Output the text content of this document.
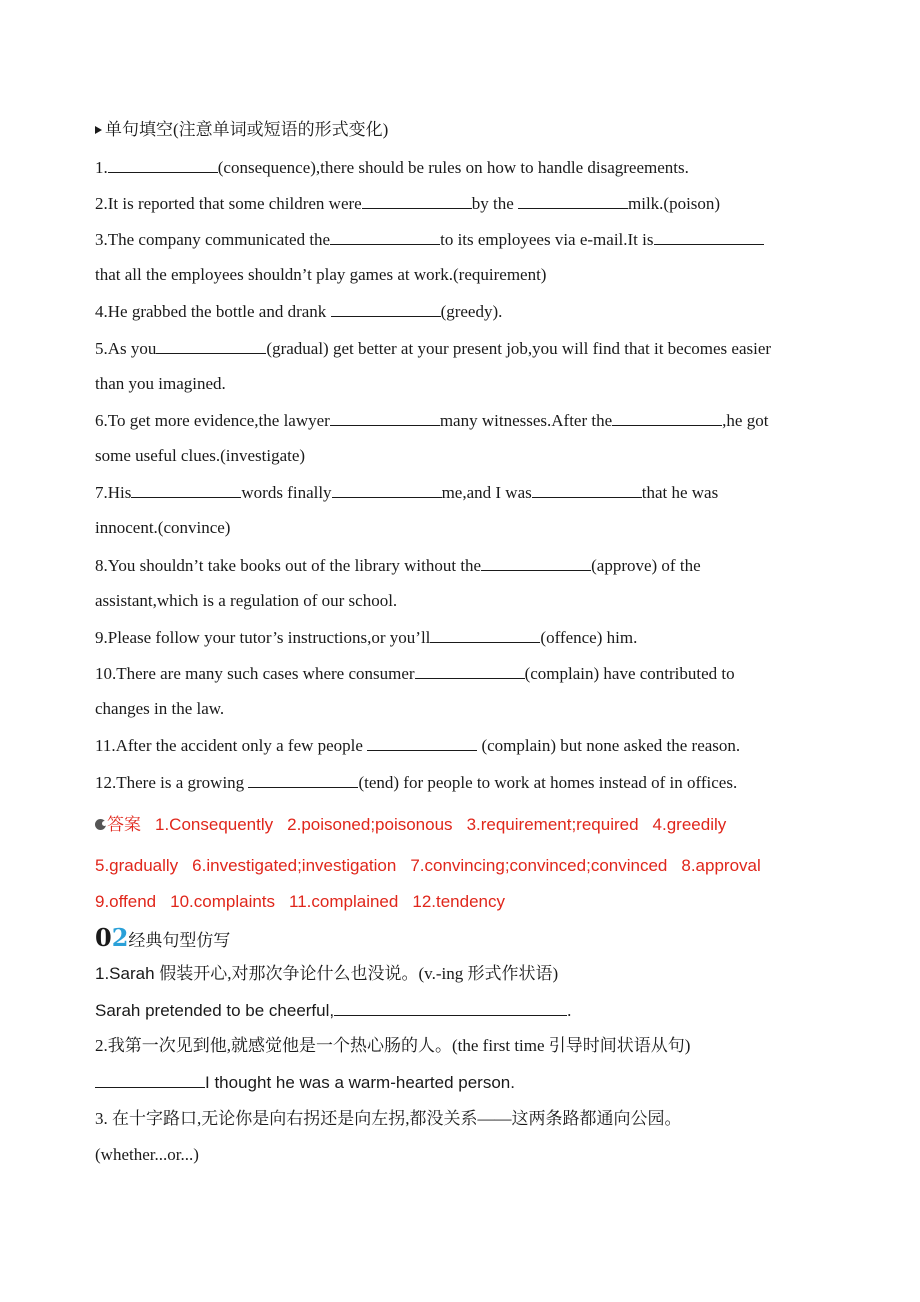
单句填空(注意单词或短语的形式变化)
1.	(consequence),there should be rules on how to handle disagreements.
2.It is reported that some children were	by the	milk.(poison)
3.The company communicated the	to its employees via e-mail.It is
that all the employees shouldn’t play games at work.(requirement)
4.He grabbed the bottle and drank	(greedy).
5.As you	(gradual) get better at your present job,you will find that it becomes easier
than you imagined.
6.To get more evidence,the lawyer	many witnesses.After the	,he got
some useful clues.(investigate)
7.His	words finally	me,and I was	that he was
innocent.(convince)
8.You shouldn’t take books out of the library without the	(approve) of the
assistant,which is a regulation of our school.
9.Please follow your tutor’s instructions,or you’ll	(offence) him.
10.There are many such cases where consumer	(complain) have contributed to
changes in the law.
11.After the accident only a few people	(complain) but none asked the reason.
12.There is a growing	(tend) for people to work at homes instead of in offices.
答案 1.Consequently 2.poisoned;poisonous 3.requirement;required 4.greedily
5.gradually 6.investigated;investigation 7.convincing;convinced;convinced 8.approval
9.offend 10.complaints 11.complained 12.tendency
02经典句型仿写
1.Sarah 假装开心,对那次争论什么也没说。(v.-ing 形式作状语)
Sarah pretended to be cheerful,	.
2.我第一次见到他,就感觉他是一个热心肠的人。(the first time 引导时间状语从句)
I thought he was a warm-hearted person.
3. 在十字路口,无论你是向右拐还是向左拐,都没关系——这两条路都通向公园。
(whether...or...)
